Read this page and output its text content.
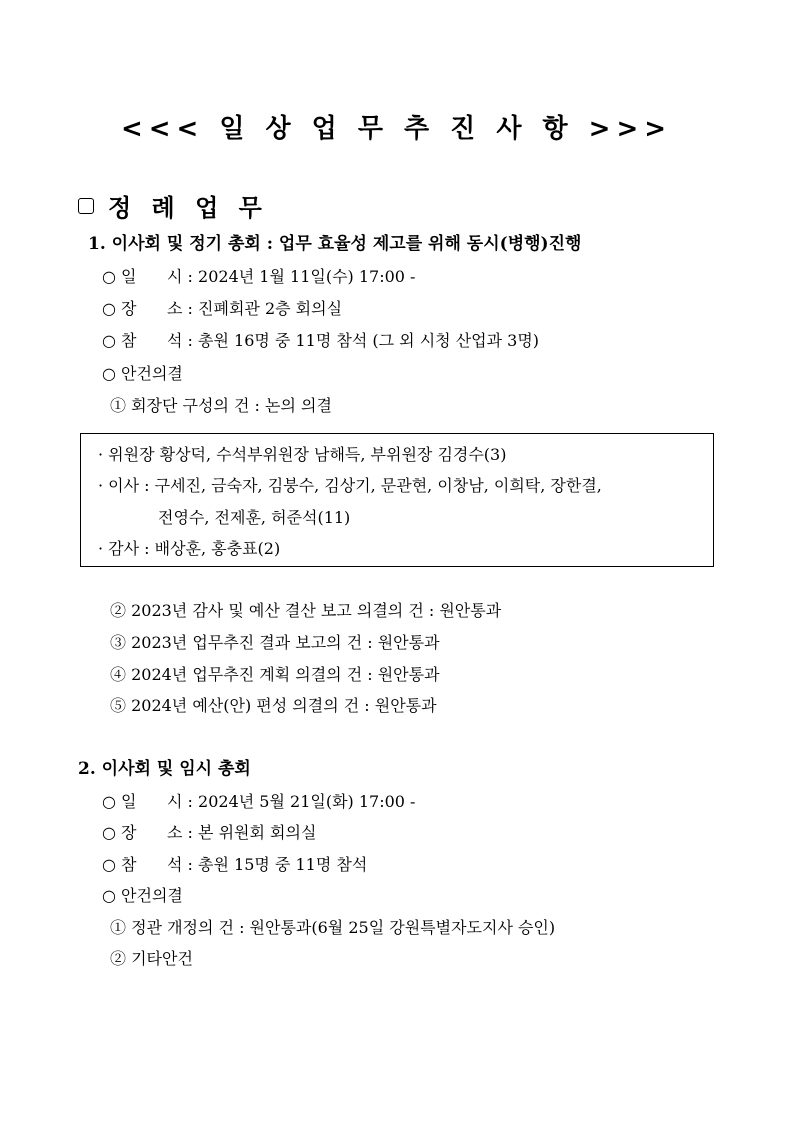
<<< 일 상 업 무 추 진 사 항 >>>
정 례 업 무
1. 이사회 및 정기 총회 : 업무 효율성 제고를 위해 동시(병행)진행
○ 일      시 : 2024년 1월 11일(수) 17:00 -
○ 장      소 : 진폐회관 2층 회의실
○ 참      석 : 총원 16명 중 11명 참석 (그 외 시청 산업과 3명)
○ 안건의결
① 회장단 구성의 건 : 논의 의결
· 위원장 황상덕, 수석부위원장 남해득, 부위원장 김경수(3)
· 이사 : 구세진, 금숙자, 김붕수, 김상기, 문관현, 이창남, 이희탁, 장한결,
전영수, 전제훈, 허준석(11)
· 감사 : 배상훈, 홍충표(2)
② 2023년 감사 및 예산 결산 보고 의결의 건 : 원안통과
③ 2023년 업무추진 결과 보고의 건 : 원안통과
④ 2024년 업무추진 계획 의결의 건 : 원안통과
⑤ 2024년 예산(안) 편성 의결의 건 : 원안통과
2. 이사회 및 임시 총회
○ 일      시 : 2024년 5월 21일(화) 17:00 -
○ 장      소 : 본 위원회 회의실
○ 참      석 : 총원 15명 중 11명 참석
○ 안건의결
① 정관 개정의 건 : 원안통과(6월 25일 강원특별자도지사 승인)
② 기타안건
